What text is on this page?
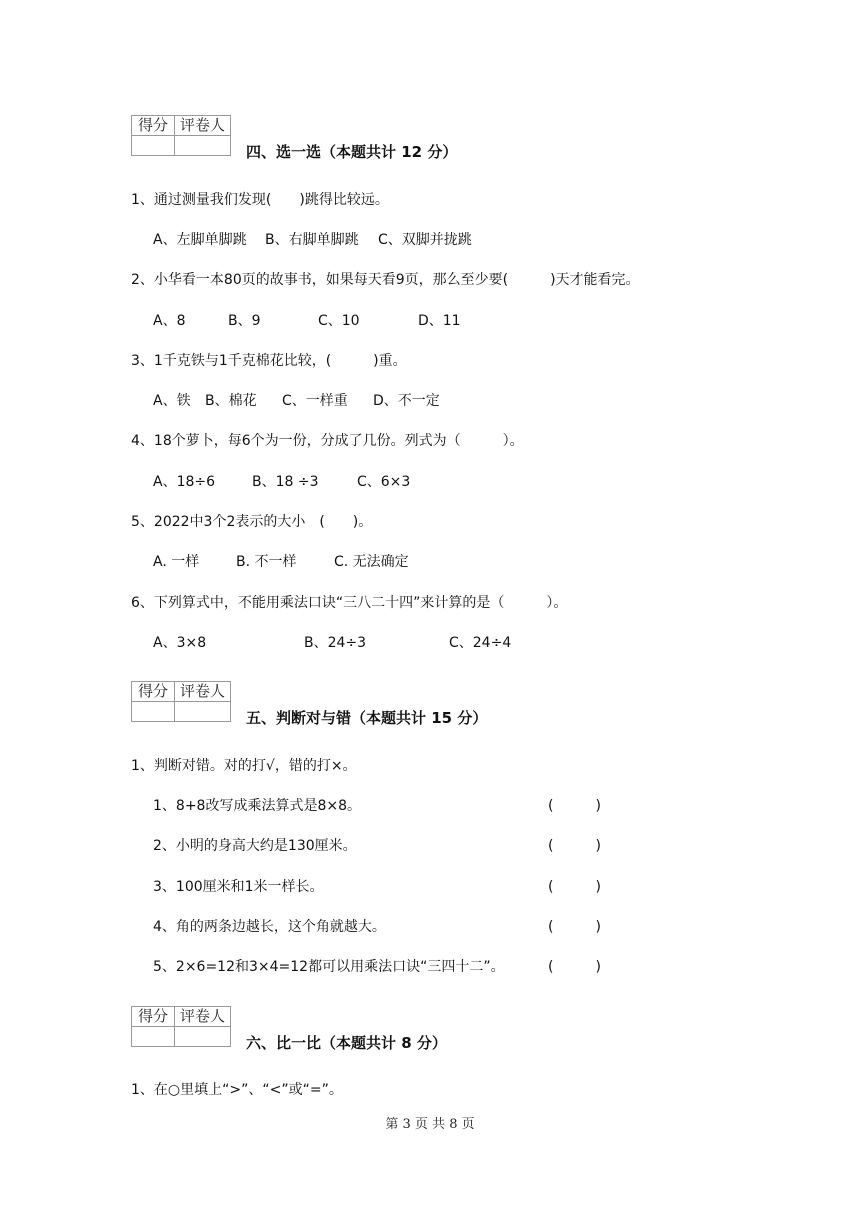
得分	评卷人

四、选一选（本题共计 12 分）
1、通过测量我们发现(　　)跳得比较远。
A、左脚单脚跳 B、右脚单脚跳 C、双脚并拢跳
2、小华看一本80页的故事书，如果每天看9页，那么至少要(　　　)天才能看完。
A、8	B、9	C、10	D、11
3、1千克铁与1千克棉花比较，(　　　)重。
A、铁 B、棉花 C、一样重 D、不一定
4、18个萝卜，每6个为一份，分成了几份。列式为（　　　）。
A、18÷6	B、18 ÷3	C、6×3
5、2022中3个2表示的大小　(　　)。
A. 一样	B. 不一样	C. 无法确定
6、下列算式中，不能用乘法口诀“三八二十四”来计算的是（　　　）。
A、3×8	B、24÷3	C、24÷4
得分	评卷人

五、判断对与错（本题共计 15 分）
1、判断对错。对的打√，错的打×。
1、8+8改写成乘法算式是8×8。	(　　　)
2、小明的身高大约是130厘米。	(　　　)
3、100厘米和1米一样长。	(　　　)
4、角的两条边越长，这个角就越大。	(　　　)
5、2×6=12和3×4=12都可以用乘法口诀“三四十二”。	(　　　)
得分	评卷人

六、比一比（本题共计 8 分）
1、在○里填上“>”、“<”或“=”。
第 3 页 共 8 页
